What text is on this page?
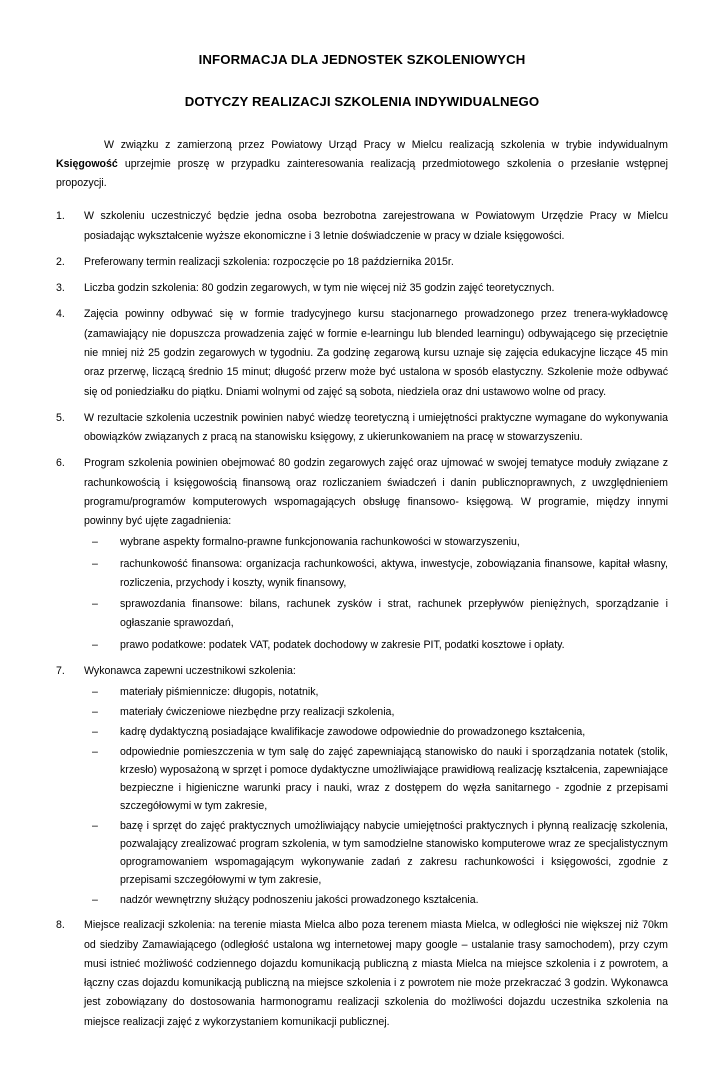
INFORMACJA DLA JEDNOSTEK SZKOLENIOWYCH
DOTYCZY REALIZACJI SZKOLENIA INDYWIDUALNEGO

W związku z zamierzoną przez Powiatowy Urząd Pracy w Mielcu realizacją szkolenia w trybie indywidualnym Księgowość uprzejmie proszę w przypadku zainteresowania realizacją przedmiotowego szkolenia o przesłanie wstępnej propozycji.

1.	W szkoleniu uczestniczyć będzie jedna osoba bezrobotna zarejestrowana w Powiatowym Urzędzie Pracy w Mielcu posiadając wykształcenie wyższe ekonomiczne i 3 letnie doświadczenie w pracy w dziale księgowości.
2.	Preferowany termin realizacji szkolenia: rozpoczęcie po 18 października 2015r.
3.	Liczba godzin szkolenia: 80 godzin zegarowych, w tym nie więcej niż 35 godzin zajęć teoretycznych.
4.	Zajęcia powinny odbywać się w formie tradycyjnego kursu stacjonarnego prowadzonego przez trenera-wykładowcę (zamawiający nie dopuszcza prowadzenia zajęć w formie e-learningu lub blended learningu) odbywającego się przeciętnie nie mniej niż 25 godzin zegarowych w tygodniu. Za godzinę zegarową kursu uznaje się zajęcia edukacyjne liczące 45 min oraz przerwę, liczącą średnio 15 minut; długość przerw może być ustalona w sposób elastyczny. Szkolenie może odbywać się od poniedziałku do piątku. Dniami wolnymi od zajęć są sobota, niedziela oraz dni ustawowo wolne od pracy.
5.	W rezultacie szkolenia uczestnik powinien nabyć wiedzę teoretyczną i umiejętności praktyczne wymagane do wykonywania obowiązków związanych z pracą na stanowisku księgowy, z ukierunkowaniem na pracę w stowarzyszeniu.
6.	Program szkolenia powinien obejmować 80 godzin zegarowych zajęć oraz ujmować w swojej tematyce moduły związane z rachunkowością i księgowością finansową oraz rozliczaniem świadczeń i danin publicznoprawnych, z uwzględnieniem programu/programów komputerowych wspomagających obsługę finansowo- księgową. W programie, między innymi powinny być ujęte zagadnienia:
– wybrane aspekty formalno-prawne funkcjonowania rachunkowości w stowarzyszeniu,
– rachunkowość finansowa: organizacja rachunkowości, aktywa, inwestycje, zobowiązania finansowe, kapitał własny, rozliczenia, przychody i koszty, wynik finansowy,
– sprawozdania finansowe: bilans, rachunek zysków i strat, rachunek przepływów pieniężnych, sporządzanie i ogłaszanie sprawozdań,
– prawo podatkowe: podatek VAT, podatek dochodowy w zakresie PIT, podatki kosztowe i opłaty.
7.	Wykonawca zapewni uczestnikowi szkolenia:
– materiały piśmiennicze: długopis, notatnik,
– materiały ćwiczeniowe niezbędne przy realizacji szkolenia,
– kadrę dydaktyczną posiadające kwalifikacje zawodowe odpowiednie do prowadzonego kształcenia,
– odpowiednie pomieszczenia w tym salę do zajęć zapewniającą stanowisko do nauki i sporządzania notatek (stolik, krzesło) wyposażoną w sprzęt i pomoce dydaktyczne umożliwiające prawidłową realizację kształcenia, zapewniające bezpieczne i higieniczne warunki pracy i nauki, wraz z dostępem do węzła sanitarnego - zgodnie z przepisami szczegółowymi w tym zakresie,
– bazę i sprzęt do zajęć praktycznych umożliwiający nabycie umiejętności praktycznych i płynną realizację szkolenia, pozwalający zrealizować program szkolenia, w tym samodzielne stanowisko komputerowe wraz ze specjalistycznym oprogramowaniem wspomagającym wykonywanie zadań z zakresu rachunkowości i księgowości, zgodnie z przepisami szczegółowymi w tym zakresie,
– nadzór wewnętrzny służący podnoszeniu jakości prowadzonego kształcenia.
8.	Miejsce realizacji szkolenia: na terenie miasta Mielca albo poza terenem miasta Mielca, w odległości nie większej niż 70km od siedziby Zamawiającego (odległość ustalona wg internetowej mapy google – ustalanie trasy samochodem), przy czym musi istnieć możliwość codziennego dojazdu komunikacją publiczną z miasta Mielca na miejsce szkolenia i z powrotem, a łączny czas dojazdu komunikacją publiczną na miejsce szkolenia i z powrotem nie może przekraczać 3 godzin. Wykonawca jest zobowiązany do dostosowania harmonogramu realizacji szkolenia do możliwości dojazdu uczestnika szkolenia na miejsce realizacji zajęć z wykorzystaniem komunikacji publicznej.
